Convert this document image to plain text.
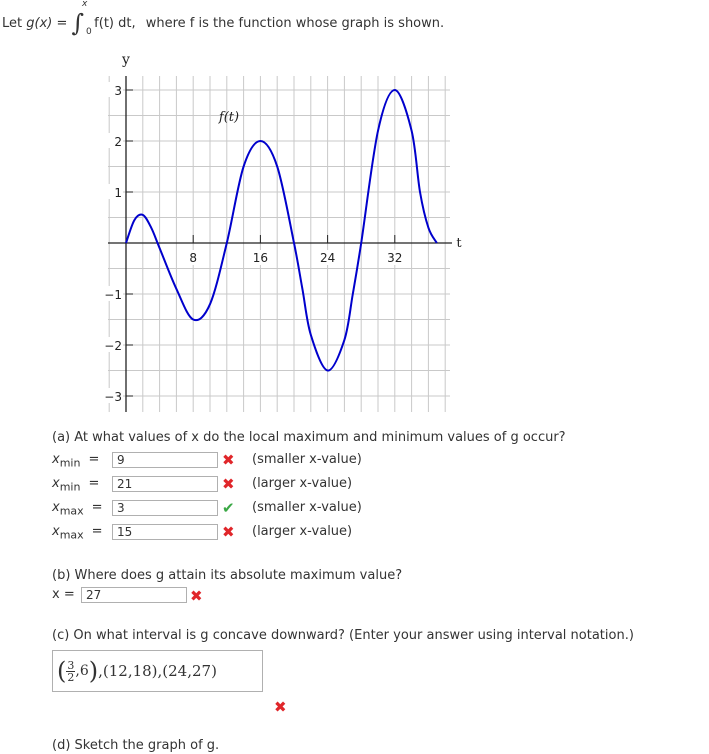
Let g(x) = ∫
x
0
f(t) dt, where f is the function whose graph is shown.
8	16	24	32
3
2
1
−1
−2
−3
y
t
f(t)
(a) At what values of x do the local maximum and minimum values of g occur?
$x_{min}$ =
9	✖ (smaller x-value)
$x_{min}$ =
21	✖ (larger x-value)
$x_{max}$ =
3	✔ (smaller x-value)
$x_{max}$ =
15	✖ (larger x-value)
(b) Where does g attain its absolute maximum value?
x =
27	✖
(c) On what interval is g concave downward? (Enter your answer using interval notation.)
( $\frac{3}{2} ,6),(12,18),(24,27)$
✖
(d) Sketch the graph of g.
